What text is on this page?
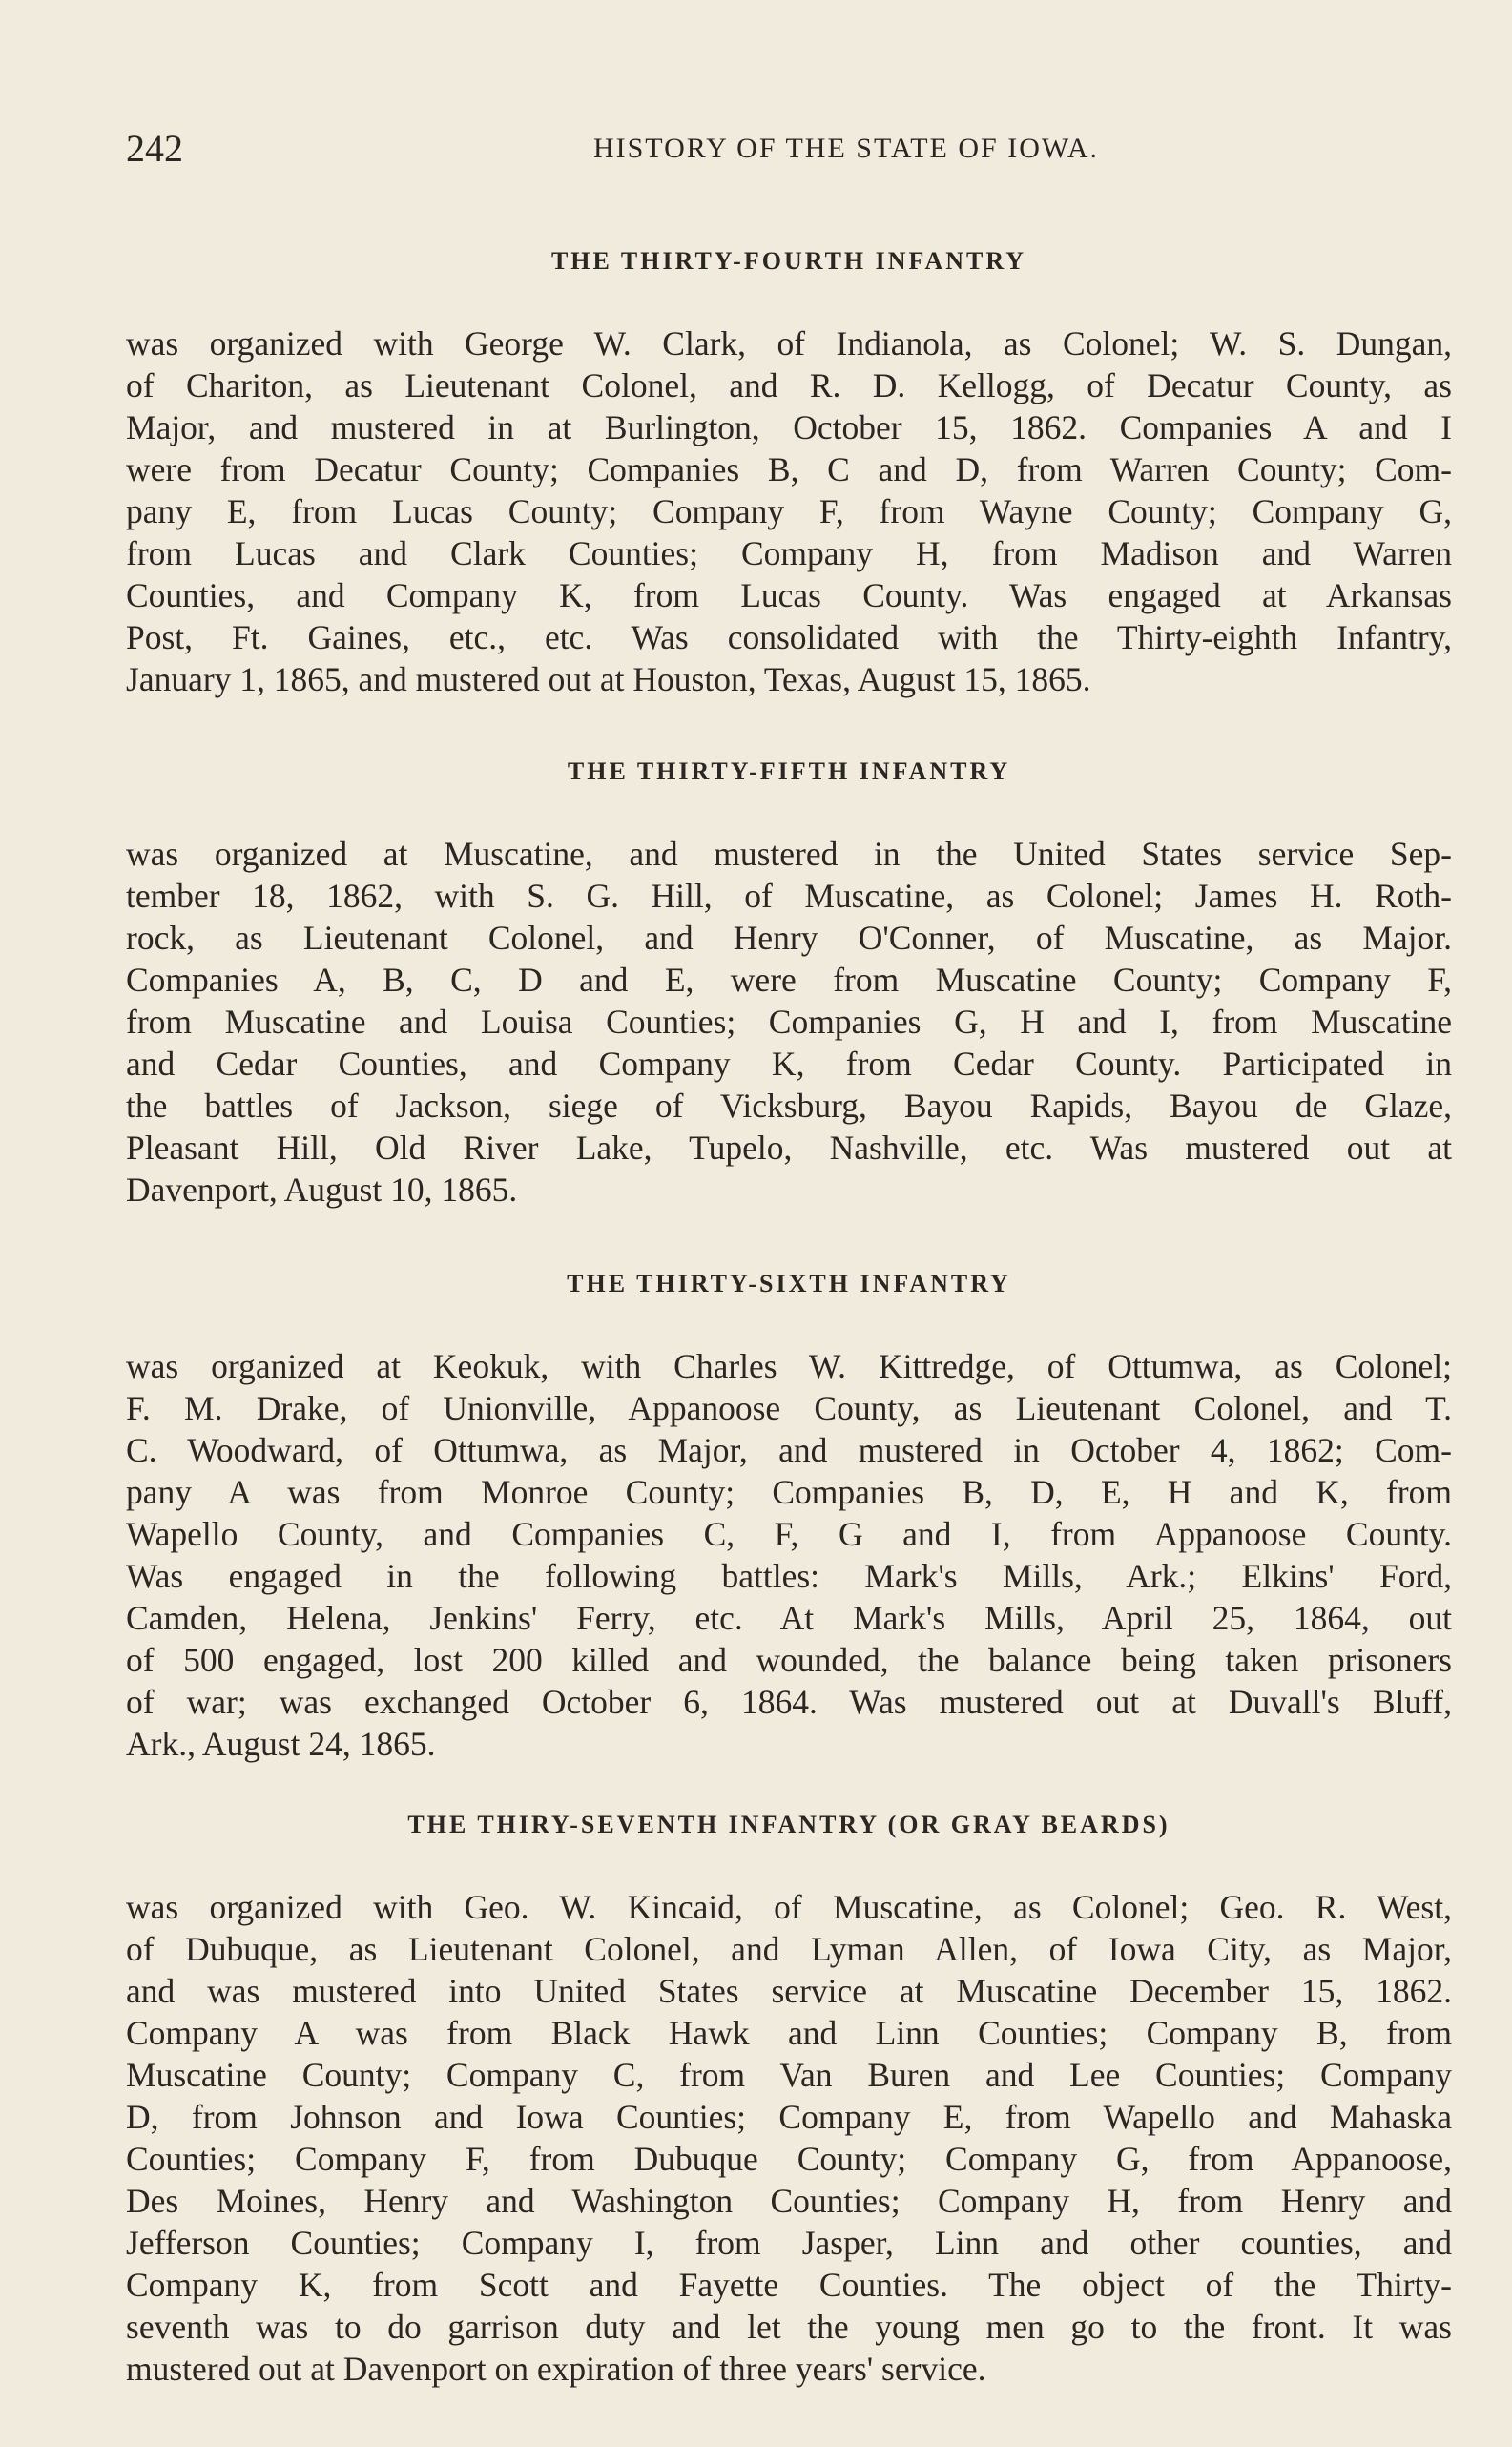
242	HISTORY OF THE STATE OF IOWA.
THE THIRTY-FOURTH INFANTRY

was organized with George W. Clark, of Indianola, as Colonel; W. S. Dungan,
of Chariton, as Lieutenant Colonel, and R. D. Kellogg, of Decatur County, as
Major, and mustered in at Burlington, October 15, 1862. Companies A and I
were from Decatur County; Companies B, C and D, from Warren County; Com-
pany E, from Lucas County; Company F, from Wayne County; Company G,
from Lucas and Clark Counties; Company H, from Madison and Warren
Counties, and Company K, from Lucas County. Was engaged at Arkansas
Post, Ft. Gaines, etc., etc. Was consolidated with the Thirty-eighth Infantry,
January 1, 1865, and mustered out at Houston, Texas, August 15, 1865.

THE THIRTY-FIFTH INFANTRY

was organized at Muscatine, and mustered in the United States service Sep-
tember 18, 1862, with S. G. Hill, of Muscatine, as Colonel; James H. Roth-
rock, as Lieutenant Colonel, and Henry O'Conner, of Muscatine, as Major.
Companies A, B, C, D and E, were from Muscatine County; Company F,
from Muscatine and Louisa Counties; Companies G, H and I, from Muscatine
and Cedar Counties, and Company K, from Cedar County. Participated in
the battles of Jackson, siege of Vicksburg, Bayou Rapids, Bayou de Glaze,
Pleasant Hill, Old River Lake, Tupelo, Nashville, etc. Was mustered out at
Davenport, August 10, 1865.

THE THIRTY-SIXTH INFANTRY

was organized at Keokuk, with Charles W. Kittredge, of Ottumwa, as Colonel;
F. M. Drake, of Unionville, Appanoose County, as Lieutenant Colonel, and T.
C. Woodward, of Ottumwa, as Major, and mustered in October 4, 1862; Com-
pany A was from Monroe County; Companies B, D, E, H and K, from
Wapello County, and Companies C, F, G and I, from Appanoose County.
Was engaged in the following battles: Mark's Mills, Ark.; Elkins' Ford,
Camden, Helena, Jenkins' Ferry, etc. At Mark's Mills, April 25, 1864, out
of 500 engaged, lost 200 killed and wounded, the balance being taken prisoners
of war; was exchanged October 6, 1864. Was mustered out at Duvall's Bluff,
Ark., August 24, 1865.

THE THIRY-SEVENTH INFANTRY (OR GRAY BEARDS)

was organized with Geo. W. Kincaid, of Muscatine, as Colonel; Geo. R. West,
of Dubuque, as Lieutenant Colonel, and Lyman Allen, of Iowa City, as Major,
and was mustered into United States service at Muscatine December 15, 1862.
Company A was from Black Hawk and Linn Counties; Company B, from
Muscatine County; Company C, from Van Buren and Lee Counties; Company
D, from Johnson and Iowa Counties; Company E, from Wapello and Mahaska
Counties; Company F, from Dubuque County; Company G, from Appanoose,
Des Moines, Henry and Washington Counties; Company H, from Henry and
Jefferson Counties; Company I, from Jasper, Linn and other counties, and
Company K, from Scott and Fayette Counties. The object of the Thirty-
seventh was to do garrison duty and let the young men go to the front. It was
mustered out at Davenport on expiration of three years' service.
